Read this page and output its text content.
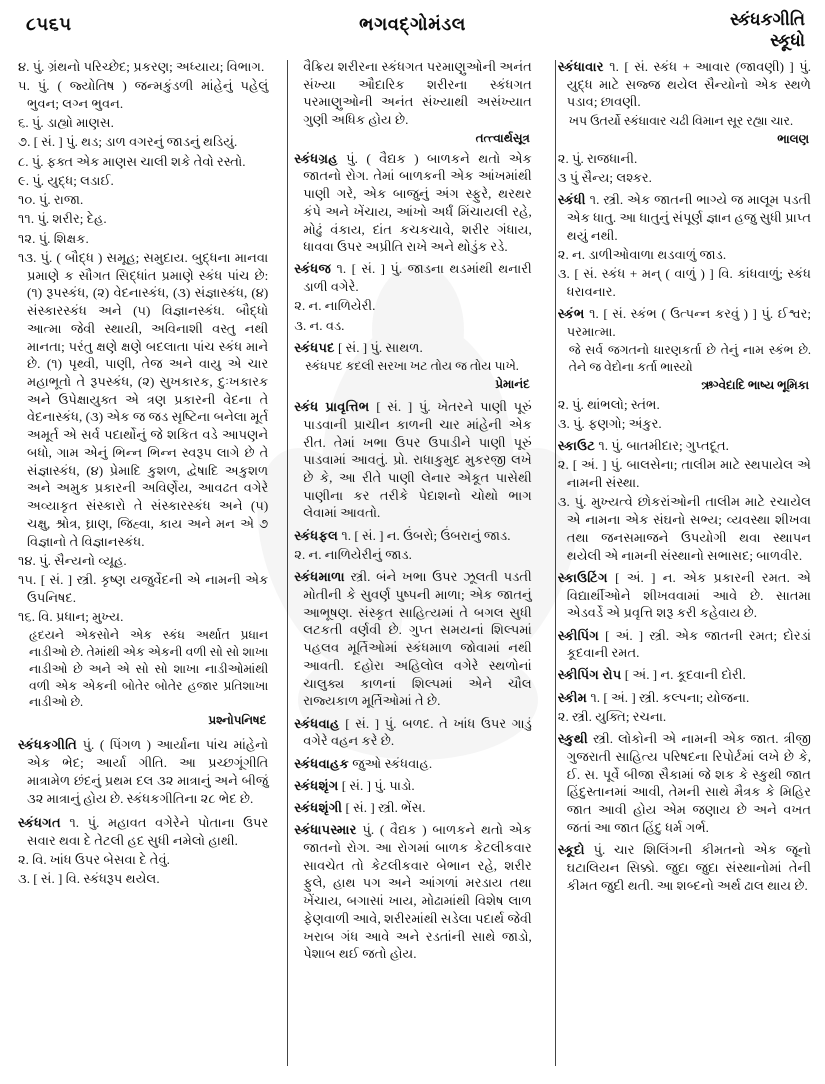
૮૫૬૫	ભગવદ્‌ગોમંડલ	સ્કંધકગીતિ
સ્કૂધો

૪. પું. ગ્રંથનો પરિચ્છેદ; પ્રકરણ; અધ્યાય; વિભાગ.

૫. પું. ( જ્યોતિષ ) જન્મકુંડળી માંહેનું પહેલું ભુવન; લગ્ન ભુવન.

૬. પું. ડાહ્યો માણસ.

૭. [ સં. ] પું. થડ; ડાળ વગરનું જાડનું થડિયું.

૮. પું. ફક્ત એક માણસ ચાલી શકે તેવો રસ્તો.

૯. પું. યુદ્ધ; લડાઈ.

૧૦. પું. રાજા.

૧૧. પું. શરીર; દેહ.

૧૨. પું. શિક્ષક.

૧૩. પું. ( બૌદ્ધ ) સમૂહ; સમુદાય. બુદ્ધના માનવા પ્રમાણે ક સૌગત સિદ્ધાંત પ્રમાણે સ્કંધ પાંચ છે: (૧) રૂપસ્કંધ, (૨) વેદનાસ્કંધ, (૩) સંજ્ઞાસ્કંધ, (૪) સંસ્કારસ્કંધ અને (૫) વિજ્ઞાનસ્કંધ. બૌદ્ધો આત્મા જેવી સ્થાયી, અવિનાશી વસ્તુ નથી માનતા; પરંતુ ક્ષણે ક્ષણે બદલાતા પાંચ સ્કંધ માને છે. (૧) પૃથ્વી, પાણી, તેજ અને વાયુ એ ચાર મહાભૂતો તે રૂપસ્કંધ, (૨) સુખકારક, દુઃખકારક અને ઉપેક્ષાયુક્ત એ ત્રણ પ્રકારની વેદના તે વેદનાસ્કંધ, (૩) એક જ જડ સૃષ્ટિના બનેલા મૂર્ત અમૂર્ત એ સર્વ પદાર્થોનું જે શકિત વડે આપણને બધો, ગામ એનું ભિન્ન ભિન્ન સ્વરૂપ લાગે છે તે સંજ્ઞાસ્કંધ, (૪) પ્રેમાદિ કુશળ, દ્વેષાદિ અકુશળ અને અમુક પ્રકારની અવિર્ણેય, આવઢત વગેરે અવ્યાકૃત સંસ્કારો તે સંસ્કારસ્કંધ અને (૫) ચક્ષુ, શ્રોત્ર, ઘ્રાણ, જિહ્વા, કાય અને મન એ ૭ વિજ્ઞાનો તે વિજ્ઞાનસ્કંધ.

૧૪. પું. સૈન્યનો વ્યૂહ.

૧૫. [ સં. ] સ્ત્રી. કૃષ્ણ યજુર્વેદની એ નામની એક ઉપનિષદ.

૧૬. વિ. પ્રધાન; મુખ્ય.

હૃદયને એકસોને એક સ્કંધ અર્થાત પ્રધાન નાડીઓ છે. તેમાંથી એક એકની વળી સો સો શાખા નાડીઓ છે અને એ સો સો શાખા નાડીઓમાંથી વળી એક એકની બોતેર બોતેર હજાર પ્રતિશાખા નાડીઓ છે.

પ્રશ્નોપનિષદ

સ્કંધકગીતિ પું. ( પિંગળ ) આર્યાના પાંચ માંહેનો એક ભેદ; આર્યા ગીતિ. આ પ્રચ્છગૂંગીતિ માત્રામેળ છંદનું પ્રથમ દલ ૩૨ માત્રાનું અને બીજું ૩૨ માત્રાનું હોય છે. સ્કંધકગીતિના ૨૮ ભેદ છે.

સ્કંધગત ૧. પું. મહાવત વગેરેને પોતાના ઉપર સવાર થવા દે તેટલી હદ સુધી નમેલો હાથી.

૨. વિ. ખાંધ ઉપર બેસવા દે તેવું.

૩. [ સં. ] વિ. સ્કંધરૂપ થયેલ.

વૈક્રિય શરીરના સ્કંધગત પરમાણુઓની અનંત સંખ્યા ઔદારિક શરીરના સ્કંધગત પરમાણુઓની અનંત સંખ્યાથી અસંખ્યાત ગુણી અધિક હોય છે.

તત્ત્વાર્થસૂત્ર

સ્કંધગ્રહ પું. ( વૈદ્યક ) બાળકને થતો એક જાતનો રોગ. તેમાં બાળકની એક આંખમાંથી પાણી ગરે, એક બાજુનું અંગ સ્ફુરે, થરથર કંપે અને ખેંચાય, આંખો અર્ધં મિંચાયલી રહે, મોઢું વંકાય, દાંત કચકચાવે, શરીર ગંધાય, ધાવવા ઉપર અપ્રીતિ રાખે અને થોડુંક રડે.

સ્કંધજ ૧. [ સં. ] પું. જાડના થડમાંથી થનારી ડાળી વગેરે.

૨. ન. નાળિયેરી.

૩. ન. વડ.

સ્કંધપદ [ સં. ] પું. સાથળ.

સ્કંધપદ કદલી સરખા ખટ તોય જ તોય પાખે.

પ્રેમાનંદ

સ્કંધ પ્રાવૃત્તિભ [ સં. ] પું. ખેતરને પાણી પૂરું પાડવાની પ્રાચીન કાળની ચાર માંહેની એક રીત. તેમાં ખભા ઉપર ઉપાડીને પાણી પૂરું પાડવામાં આવતું. પ્રો. રાધાકુમુદ મુકરજી લખે છે કે, આ રીતે પાણી લેનાર એકૂત પાસેથી પાણીના કર તરીકે પેદાશનો ચોથો ભાગ લેવામાં આવતો.

સ્કંધફલ ૧. [ સં. ] ન. ઉંબરો; ઉંબરાનું જાડ.

૨. ન. નાળિયેરીનું જાડ.

સ્કંધમાળા સ્ત્રી. બંને ખભા ઉપર ઝૂલતી પડતી મોતીની કે સુવર્ણ પુષ્પની માળા; એક જાતનું આભૂષણ. સંસ્કૃત સાહિત્યમાં તે બગલ સુધી લટકતી વર્ણવી છે. ગુપ્ત સમયનાં શિલ્પમાં પહલવ મૂર્તિઓમાં સ્કંધમાળ જોવામાં નથી આવતી. દહોરા અહિલોલ વગેરે સ્થળોનાં ચાલુક્ય કાળનાં શિલ્પમાં એને ચૌલ રાજ્યકાળ મૂર્તિઓમાં તે છે.

સ્કંધવાહ [ સં. ] પું. બળદ. તે ખાંધ ઉપર ગાડું વગેરે વહન કરે છે.

સ્કંધવાહક જુઓ સ્કંધવાહ.

સ્કંધશૃંગ [ સં. ] પું. પાડો.

સ્કંધશૃંગી [ સં. ] સ્ત્રી. ભેંસ.

સ્કંધાપસ્માર પું. ( વૈદ્યક ) બાળકને થતો એક જાતનો રોગ. આ રોગમાં બાળક કેટલીકવાર સાવચેત તો કેટલીકવાર બેભાન રહે, શરીર ફુલે, હાથ પગ અને આંગળાં મરડાય તથા ખેંચાય, બગાસાં ખાય, મોઢામાંથી વિશેષ લાળ ફેણવાળી આવે, શરીરમાંથી સડેલા પદાર્થ જેવી ખરાબ ગંધ આવે અને રડતાંની સાથે જાડો, પેશાબ થઈ જતો હોય.

સ્કંધાવાર ૧. [ સં. સ્કંધ + આવાર (જાવણી) ] પું. યુદ્ધ માટે સજ્જ થયેલ સૈન્યોનો એક સ્થળે પડાવ; છાવણી.

ખપ ઉતર્યો સ્કંધાવાર ચઢી વિમાન સૂર રહ્યા ચાર.

ભાલણ

૨. પું. રાજધાની.

૩ પું સૈન્ય; લશ્કર.

સ્કંધી ૧. સ્ત્રી. એક જાતની ભાગ્યે જ માલૂમ પડતી એક ધાતુ. આ ધાતુનું સંપૂર્ણ જ્ઞાન હજુ સુધી પ્રાપ્ત થયું નથી.

૨. ન. ડાળીઓવાળા થડવાળું જાડ.

૩. [ સં. સ્કંધ + મન્ ( વાળું ) ] વિ. કાંધવાળું; સ્કંધ ધરાવનાર.

સ્કંભ ૧. [ સં. સ્કંભ ( ઉત્પન્ન કરવું ) ] પું. ઈશ્વર; પરમાત્મા.

જે સર્વ જગતનો ધારણકર્તા છે તેનું નામ સ્કંભ છે. તેને જ વેદોના કર્તા ભાસ્યો

ઋગ્વેદાદિ ભાષ્ય ભૂમિકા

૨. પું. થાંભલો; સ્તંભ.

૩. પું. ફણગો; અંકુર.

સ્કાઉટ ૧. પું. બાતમીદાર; ગુપ્તદૂત.

૨. [ અં. ] પું. બાલસેના; તાલીમ માટે સ્થપાયેલ એ નામની સંસ્થા.

૩. પું. મુખ્યત્વે છોકરાંઓની તાલીમ માટે રચાયેલ એ નામના એક સંઘનો સભ્ય; વ્યવસ્થા શીખવા તથા જનસમાજને ઉપયોગી થવા સ્થાપન થયેલી એ નામની સંસ્થાનો સભાસદ; બાળવીર.

સ્કાઉટિંગ [ અં. ] ન. એક પ્રકારની રમત. એ વિદ્યાર્થીઓને શીખવવામાં આવે છે. સાતમા એડવર્ડે એ પ્રવૃત્તિ શરૂ કરી કહેવાય છે.

સ્કીપિંગ [ અં. ] સ્ત્રી. એક જાતની રમત; દોરડાં કૂદવાની રમત.

સ્કીપિંગ રોપ [ અં. ] ન. કૂદવાની દોરી.

સ્કીમ ૧. [ અં. ] સ્ત્રી. કલ્પના; યોજના.

૨. સ્ત્રી. યુક્તિ; રચના.

સ્કુથી સ્ત્રી. લોકોની એ નામની એક જાત. ત્રીજી ગુજરાતી સાહિત્ય પરિષદના રિપોર્ટમાં લખે છે કે, ઈ. સ. પૂર્વે બીજા સૈકામાં જે શક કે સ્કુથી જાત હિંદુસ્તાનમાં આવી, તેમની સાથે મૈત્રક કે મિહિર જાત આવી હોય એમ જણાય છે અને વખત જતાં આ જાત હિંદુ ધર્મ ગર્ભ.

સ્કૂદો પું. ચાર શિલિંગની કીમતનો એક જૂનો ઘટાલિયન સિક્કો. જુદા જુદા સંસ્થાનોમાં તેની કીમત જુદી થતી. આ શબ્દનો અર્થ ઢાલ થાય છે.
